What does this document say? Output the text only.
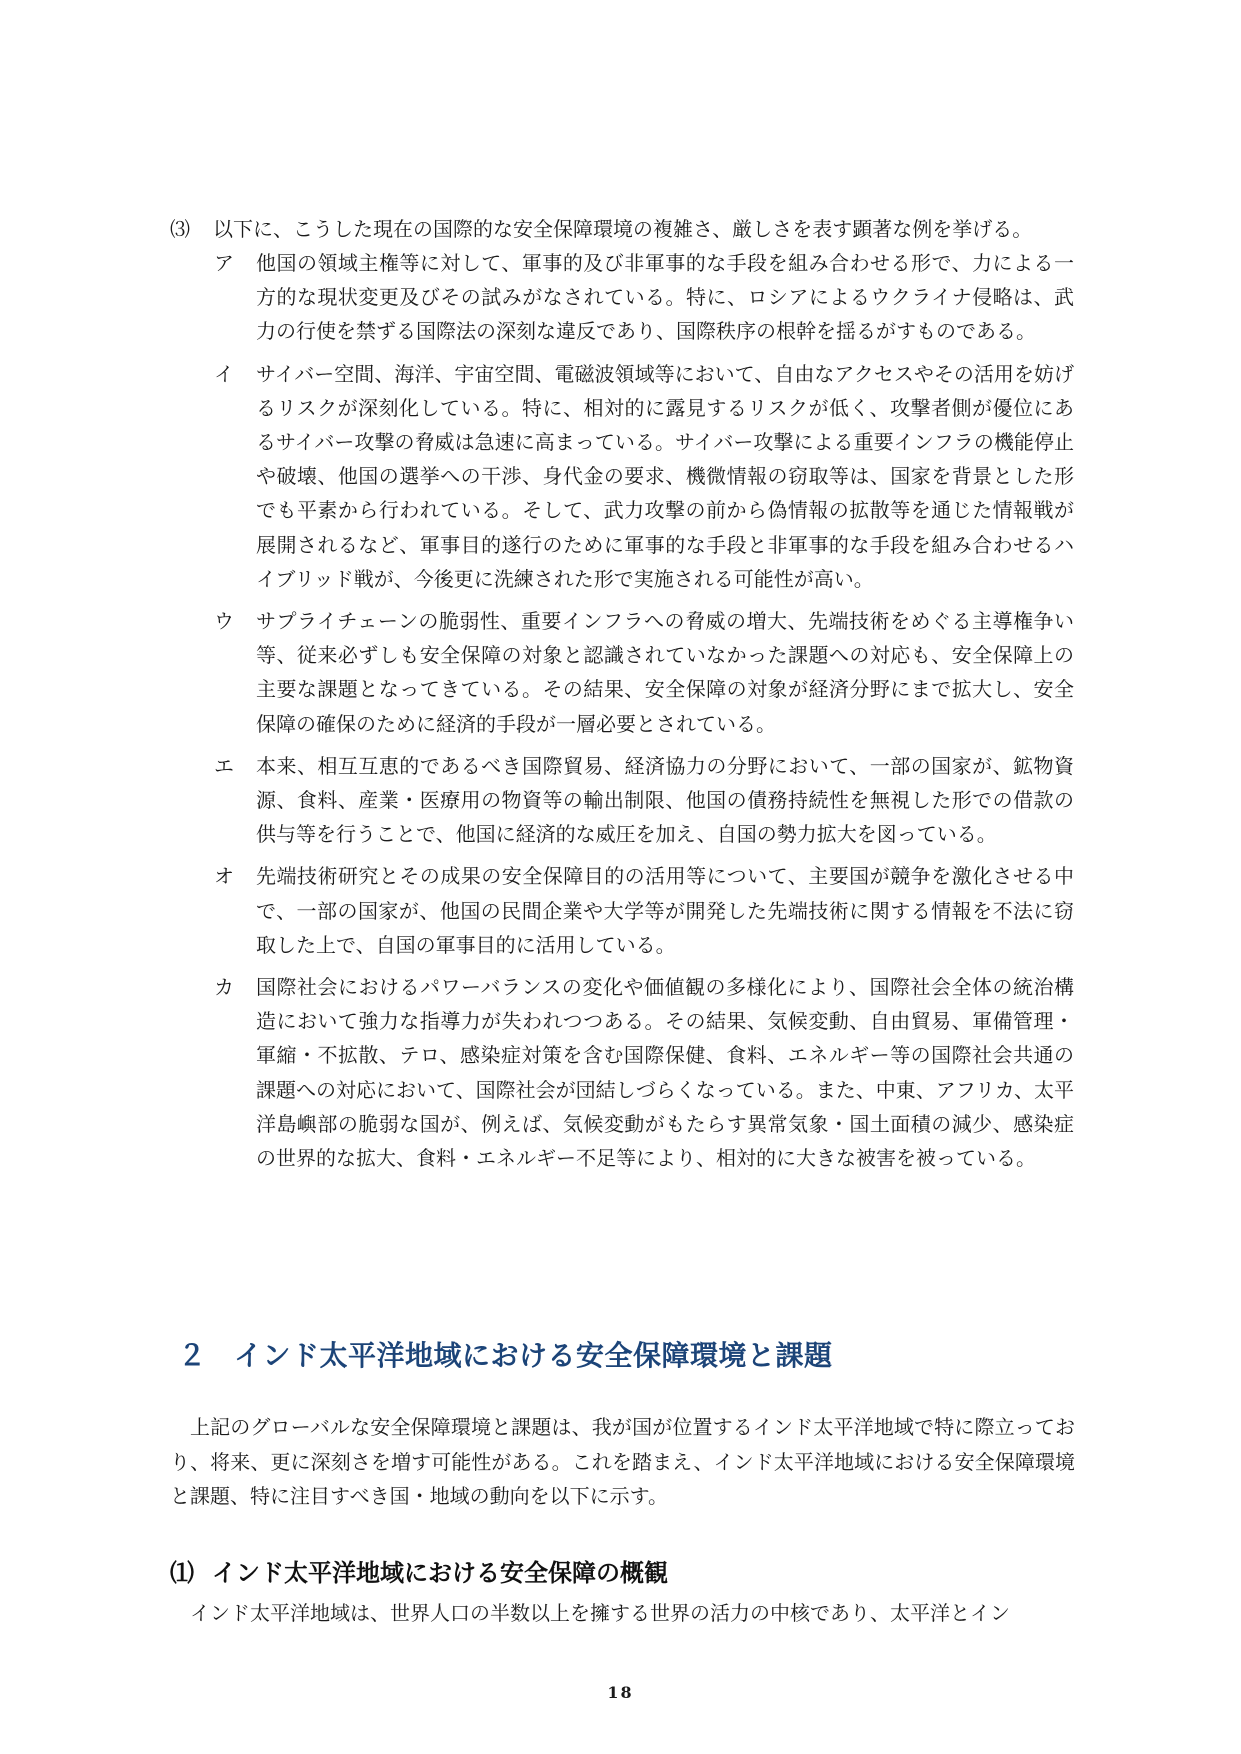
⑶ 以下に、こうした現在の国際的な安全保障環境の複雑さ、厳しさを表す顕著な例を挙げる。
ア	他国の領域主権等に対して、軍事的及び非軍事的な手段を組み合わせる形で、力による一方的な現状変更及びその試みがなされている。特に、ロシアによるウクライナ侵略は、武力の行使を禁ずる国際法の深刻な違反であり、国際秩序の根幹を揺るがすものである。
イ	サイバー空間、海洋、宇宙空間、電磁波領域等において、自由なアクセスやその活用を妨げるリスクが深刻化している。特に、相対的に露見するリスクが低く、攻撃者側が優位にあるサイバー攻撃の脅威は急速に高まっている。サイバー攻撃による重要インフラの機能停止や破壊、他国の選挙への干渉、身代金の要求、機微情報の窃取等は、国家を背景とした形でも平素から行われている。そして、武力攻撃の前から偽情報の拡散等を通じた情報戦が展開されるなど、軍事目的遂行のために軍事的な手段と非軍事的な手段を組み合わせるハイブリッド戦が、今後更に洗練された形で実施される可能性が高い。
ウ	サプライチェーンの脆弱性、重要インフラへの脅威の増大、先端技術をめぐる主導権争い等、従来必ずしも安全保障の対象と認識されていなかった課題への対応も、安全保障上の主要な課題となってきている。その結果、安全保障の対象が経済分野にまで拡大し、安全保障の確保のために経済的手段が一層必要とされている。
エ	本来、相互互恵的であるべき国際貿易、経済協力の分野において、一部の国家が、鉱物資源、食料、産業・医療用の物資等の輸出制限、他国の債務持続性を無視した形での借款の供与等を行うことで、他国に経済的な威圧を加え、自国の勢力拡大を図っている。
オ	先端技術研究とその成果の安全保障目的の活用等について、主要国が競争を激化させる中で、一部の国家が、他国の民間企業や大学等が開発した先端技術に関する情報を不法に窃取した上で、自国の軍事目的に活用している。
カ	国際社会におけるパワーバランスの変化や価値観の多様化により、国際社会全体の統治構造において強力な指導力が失われつつある。その結果、気候変動、自由貿易、軍備管理・軍縮・不拡散、テロ、感染症対策を含む国際保健、食料、エネルギー等の国際社会共通の課題への対応において、国際社会が団結しづらくなっている。また、中東、アフリカ、太平洋島嶼部の脆弱な国が、例えば、気候変動がもたらす異常気象・国土面積の減少、感染症の世界的な拡大、食料・エネルギー不足等により、相対的に大きな被害を被っている。
２ インド太平洋地域における安全保障環境と課題
上記のグローバルな安全保障環境と課題は、我が国が位置するインド太平洋地域で特に際立っており、将来、更に深刻さを増す可能性がある。これを踏まえ、インド太平洋地域における安全保障環境と課題、特に注目すべき国・地域の動向を以下に示す。
⑴ インド太平洋地域における安全保障の概観
インド太平洋地域は、世界人口の半数以上を擁する世界の活力の中核であり、太平洋とイン
18
